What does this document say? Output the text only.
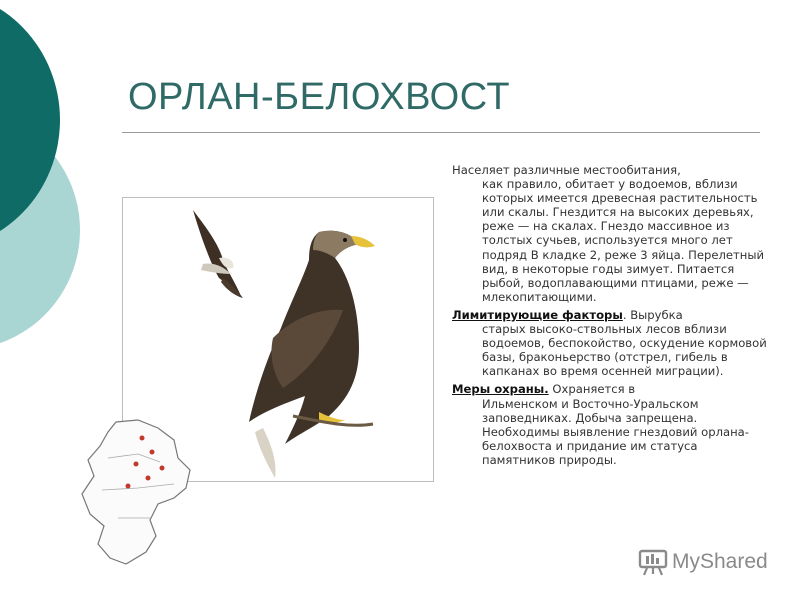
ОРЛАН-БЕЛОХВОСТ

Населяет различные местообитания,
как правило, обитает у водоемов, вблизи которых имеется древесная растительность или скалы. Гнездится на высоких деревьях, реже — на скалах. Гнездо массивное из толстых сучьев, используется много лет подряд В кладке 2, реже 3 яйца. Перелетный вид, в некоторые годы зимует. Питается рыбой, водоплавающими птицами, реже — млекопитающими.

Лимитирующие факторы. Вырубка
старых высоко-ствольных лесов вблизи водоемов, беспокойство, оскудение кормовой базы, браконьерство (отстрел, гибель в капканах во время осенней миграции).

Меры охраны. Охраняется в
Ильменском и Восточно-Уральском заповедниках. Добыча запрещена. Необходимы выявление гнездовий орлана-белохвоста и придание им статуса памятников природы.

MyShared
